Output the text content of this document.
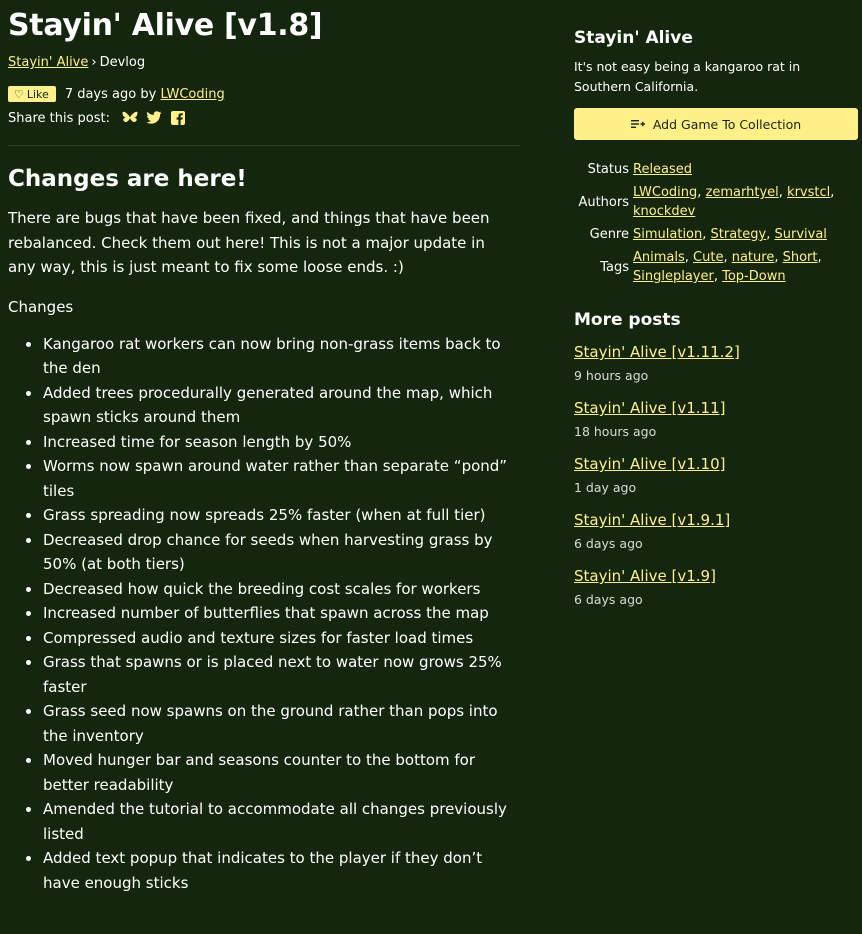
Stayin' Alive [v1.8]
Stayin' Alive › Devlog
♡ Like 7 days ago by
LWCoding
Share this post:
Changes are here!
There are bugs that have been fixed, and things that have been rebalanced. Check them out here! This is not a major update in any way, this is just meant to fix some loose ends. :)
Changes
• Kangaroo rat workers can now bring non-grass items back to the den
• Added trees procedurally generated around the map, which spawn sticks around them
• Increased time for season length by 50%
• Worms now spawn around water rather than separate “pond” tiles
• Grass spreading now spreads 25% faster (when at full tier)
• Decreased drop chance for seeds when harvesting grass by 50% (at both tiers)
• Decreased how quick the breeding cost scales for workers
• Increased number of butterflies that spawn across the map
• Compressed audio and texture sizes for faster load times
• Grass that spawns or is placed next to water now grows 25% faster
• Grass seed now spawns on the ground rather than pops into the inventory
• Moved hunger bar and seasons counter to the bottom for better readability
• Amended the tutorial to accommodate all changes previously listed
• Added text popup that indicates to the player if they don’t have enough sticks
Stayin' Alive
It's not easy being a kangaroo rat in Southern California.
Add Game To Collection
Status	Released
Authors	LWCoding, zemarhtyel, krvstcl,
knockdev
Genre	Simulation, Strategy, Survival
Tags	Animals, Cute, nature, Short,
Singleplayer, Top-Down
More posts
Stayin' Alive [v1.11.2]
9 hours ago
Stayin' Alive [v1.11]
18 hours ago
Stayin' Alive [v1.10]
1 day ago
Stayin' Alive [v1.9.1]
6 days ago
Stayin' Alive [v1.9]
6 days ago
